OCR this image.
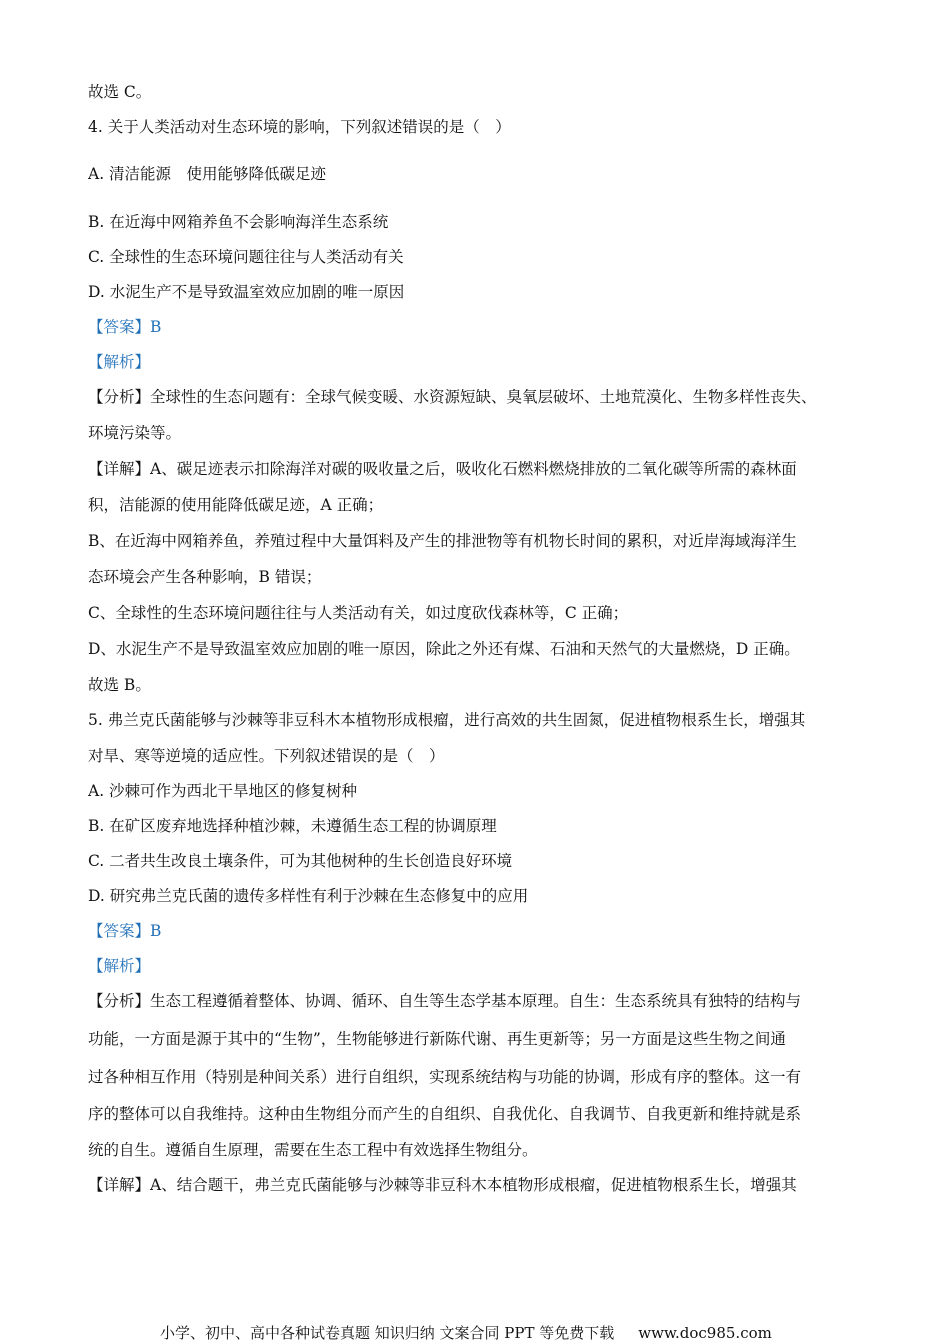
故选 C。
4. 关于人类活动对生态环境的影响，下列叙述错误的是（　）
A. 清洁能源　使用能够降低碳足迹
B. 在近海中网箱养鱼不会影响海洋生态系统
C. 全球性的生态环境问题往往与人类活动有关
D. 水泥生产不是导致温室效应加剧的唯一原因
【答案】B
【解析】
【分析】全球性的生态问题有：全球气候变暖、水资源短缺、臭氧层破坏、土地荒漠化、生物多样性丧失、
环境污染等。
【详解】A、碳足迹表示扣除海洋对碳的吸收量之后，吸收化石燃料燃烧排放的二氧化碳等所需的森林面
积，洁能源的使用能降低碳足迹，A 正确；
B、在近海中网箱养鱼，养殖过程中大量饵料及产生的排泄物等有机物长时间的累积，对近岸海域海洋生
态环境会产生各种影响，B 错误；
C、全球性的生态环境问题往往与人类活动有关，如过度砍伐森林等，C 正确；
D、水泥生产不是导致温室效应加剧的唯一原因，除此之外还有煤、石油和天然气的大量燃烧，D 正确。
故选 B。
5. 弗兰克氏菌能够与沙棘等非豆科木本植物形成根瘤，进行高效的共生固氮，促进植物根系生长，增强其
对旱、寒等逆境的适应性。下列叙述错误的是（　）
A. 沙棘可作为西北干旱地区的修复树种
B. 在矿区废弃地选择种植沙棘，未遵循生态工程的协调原理
C. 二者共生改良土壤条件，可为其他树种的生长创造良好环境
D. 研究弗兰克氏菌的遗传多样性有利于沙棘在生态修复中的应用
【答案】B
【解析】
【分析】生态工程遵循着整体、协调、循环、自生等生态学基本原理。自生：生态系统具有独特的结构与
功能，一方面是源于其中的“生物”，生物能够进行新陈代谢、再生更新等；另一方面是这些生物之间通
过各种相互作用（特别是种间关系）进行自组织，实现系统结构与功能的协调，形成有序的整体。这一有
序的整体可以自我维持。这种由生物组分而产生的自组织、自我优化、自我调节、自我更新和维持就是系
统的自生。遵循自生原理，需要在生态工程中有效选择生物组分。
【详解】A、结合题干，弗兰克氏菌能够与沙棘等非豆科木本植物形成根瘤，促进植物根系生长，增强其
小学、初中、高中各种试卷真题 知识归纳 文案合同 PPT 等免费下载 www.doc985.com
